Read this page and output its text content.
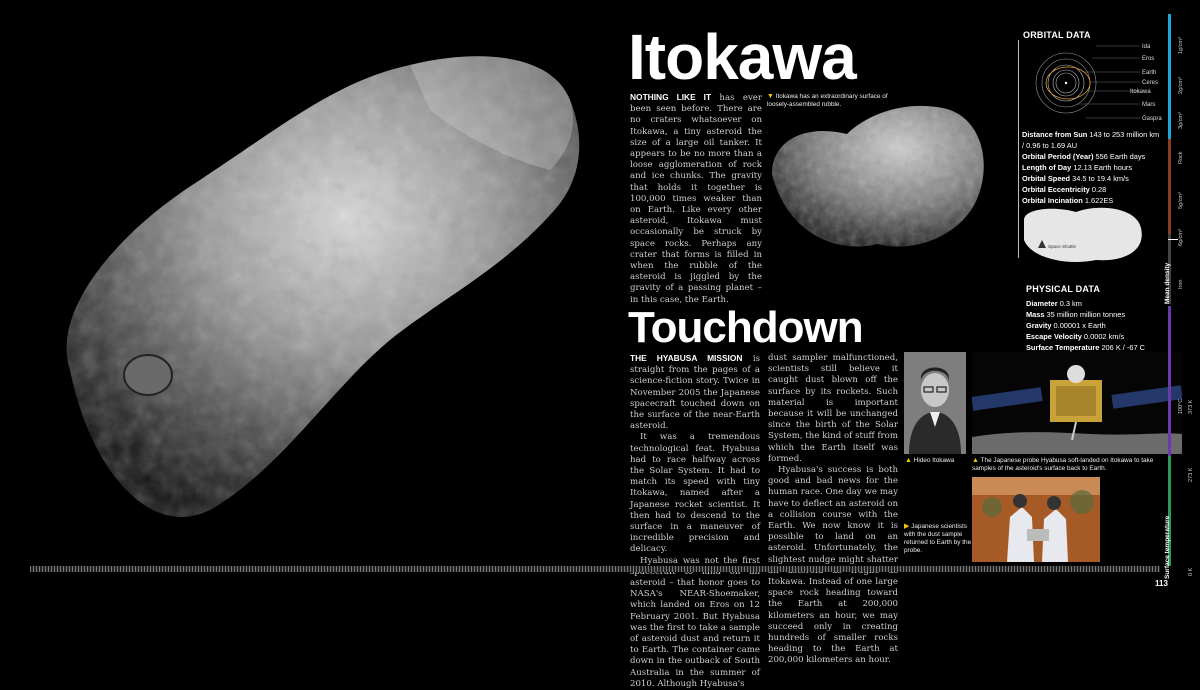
Itokawa
Touchdown

NOTHING LIKE IT has ever been seen before. There are no craters whatsoever on Itokawa, a tiny asteroid the size of a large oil tanker. It appears to be no more than a loose agglomeration of rock and ice chunks. The gravity that holds it together is 100,000 times weaker than on Earth. Like every other asteroid, Itokawa must occasionally be struck by space rocks. Perhaps any crater that forms is filled in when the rubble of the asteroid is jiggled by the gravity of a passing planet – in this case, the Earth.

▼ Itokawa has an extraordinary surface of loosely-assembled rubble.

THE HYABUSA MISSION is straight from the pages of a science-fiction story. Twice in November 2005 the Japanese spacecraft touched down on the surface of the near-Earth asteroid.

It was a tremendous technological feat. Hyabusa had to race halfway across the Solar System. It had to match its speed with tiny Itokawa, named after a Japanese rocket scientist. It then had to descend to the surface in a maneuver of incredible precision and delicacy.

Hyabusa was not the first asteroid – that honor goes to NASA's NEAR-Shoemaker, which landed on Eros on 12 February 2001. But Hyabusa was the first to take a sample of asteroid dust and return it to Earth. The container came down in the outback of South Australia in the summer of 2010. Although Hyabusa's

dust sampler malfunctioned, scientists still believe it caught dust blown off the surface by its rockets. Such material is important because it will be unchanged since the birth of the Solar System, the kind of stuff from which the Earth itself was formed.

Hyabusa's success is both good and bad news for the human race. One day we may have to deflect an asteroid on a collision course with the Earth. We now know it is possible to land on an asteroid. Unfortunately, the slightest nudge might shatter Itokawa. Instead of one large space rock heading toward the Earth at 200,000 kilometers an hour, we may succeed only in creating hundreds of smaller rocks heading to the Earth at 200,000 kilometers an hour.

▲ Hideo Itokawa	▲ The Japanese probe Hyabusa soft-landed on Itokawa to take samples of the asteroid's surface back to Earth.
▶ Japanese scientists with the dust sample returned to Earth by the probe.
ORBITAL DATA
Ida
Eros
Earth
Ceres
Itokawa
Mars
Gaspra
Distance from Sun 143 to 253 million km / 0.96 to 1.69 AU
Orbital Period (Year) 556 Earth days
Length of Day 12.13 Earth hours
Orbital Speed 34.5 to 19.4 km/s
Orbital Eccentricity 0.28
Orbital Incination 1.622ES
Space Shuttle
PHYSICAL DATA
Diameter 0.3 km
Mass 35 million million tonnes
Gravity 0.00001 x Earth
Escape Velocity 0.0002 km/s
Surface Temperature 206 K / -67 C
1g/cm³
2g/cm³
3g/cm³
Rock
5g/cm³
6g/cm³
Iron
Mean density
100°C 373 K
273 K
0 K
Surface temperature
113
